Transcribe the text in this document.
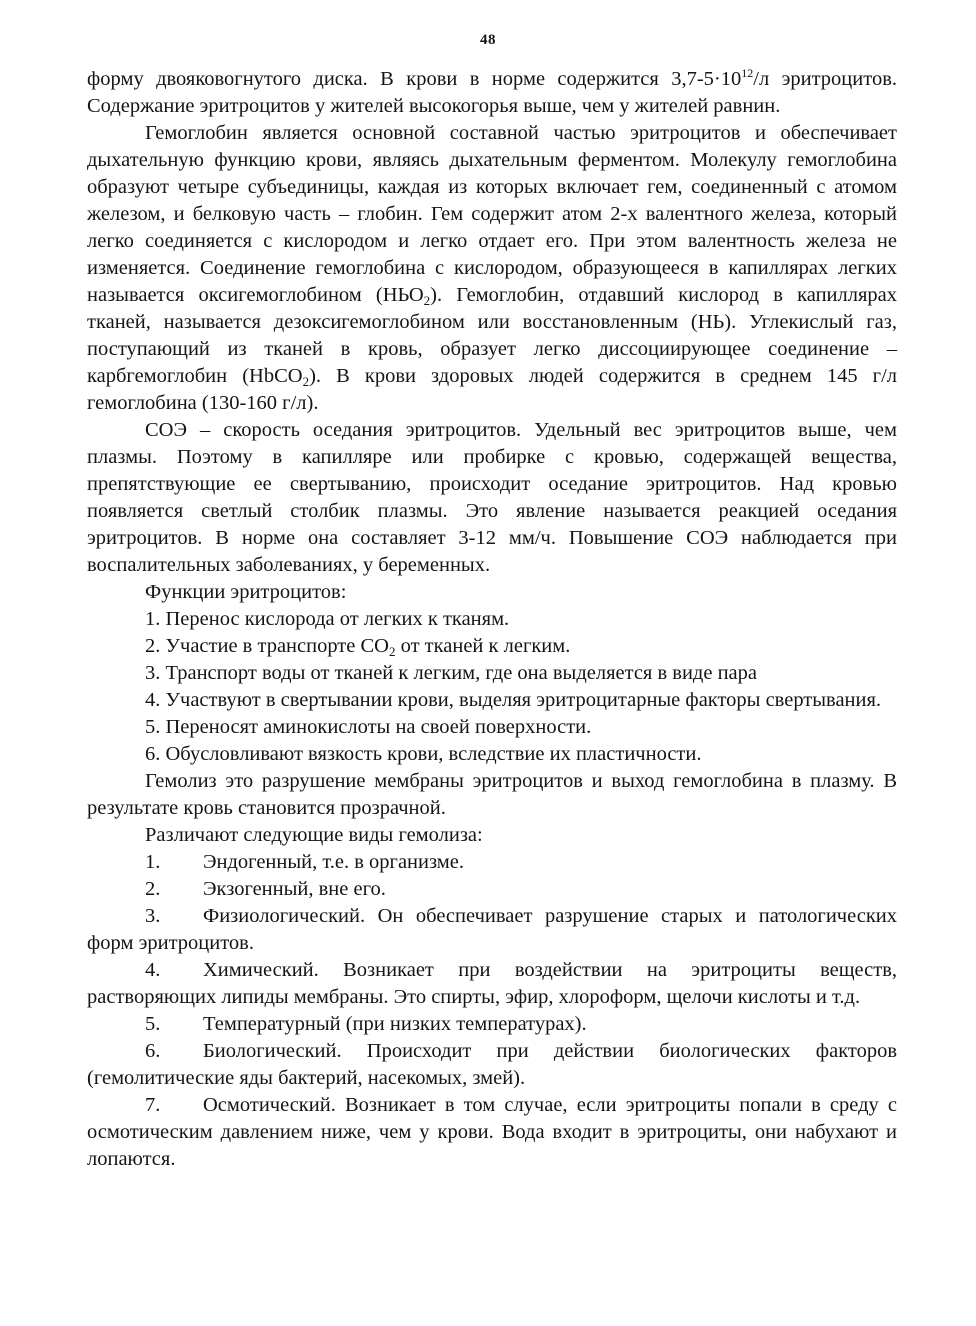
48

форму двояковогнутого диска. В крови в норме содержится $3,7-5\cdot 10^{12}/л$ эритроцитов. Содержание эритроцитов у жителей высокогорья выше, чем у жителей равнин.

Гемоглобин является основной составной частью эритроцитов и обеспечивает дыхательную функцию крови, являясь дыхательным ферментом. Молекулу гемоглобина образуют четыре субъединицы, каждая из которых включает гем, соединенный с атомом железом, и белковую часть – глобин. Гем содержит атом 2-х валентного железа, который легко соединяется с кислородом и легко отдает его. При этом валентность железа не изменяется. Соединение гемоглобина с кислородом, образующееся в капиллярах легких называется оксигемоглобином $(НЬО_2)$. Гемоглобин, отдавший кислород в капиллярах тканей, называется дезоксигемоглобином или восстановленным (НЬ). Углекислый газ, поступающий из тканей в кровь, образует легко диссоциирующее соединение – карбгемоглобин (HbCO$_2$). В крови здоровых людей содержится в среднем 145 г/л гемоглобина (130-160 г/л).

СОЭ – скорость оседания эритроцитов. Удельный вес эритроцитов выше, чем плазмы. Поэтому в капилляре или пробирке с кровью, содержащей вещества, препятствующие ее свертыванию, происходит оседание эритроцитов. Над кровью появляется светлый столбик плазмы. Это явление называется реакцией оседания эритроцитов. В норме она составляет 3-12 мм/ч. Повышение СОЭ наблюдается при воспалительных заболеваниях, у беременных.

Функции эритроцитов:

1. Перенос кислорода от легких к тканям.

2. Участие в транспорте $СО_2$ от тканей к легким.

3. Транспорт воды от тканей к легким, где она выделяется в виде пара

4. Участвуют в свертывании крови, выделяя эритроцитарные факторы свертывания.

5. Переносят аминокислоты на своей поверхности.

6. Обусловливают вязкость крови, вследствие их пластичности.

Гемолиз это разрушение мембраны эритроцитов и выход гемоглобина в плазму. В результате кровь становится прозрачной.

Различают следующие виды гемолиза:

1. Эндогенный, т.е. в организме.

2. Экзогенный, вне его.

3. Физиологический. Он обеспечивает разрушение старых и патологических форм эритроцитов.

4. Химический. Возникает при воздействии на эритроциты веществ, растворяющих липиды мембраны. Это спирты, эфир, хлороформ, щелочи кислоты и т.д.

5. Температурный (при низких температурах).

6. Биологический. Происходит при действии биологических факторов (гемолитические яды бактерий, насекомых, змей).

7. Осмотический. Возникает в том случае, если эритроциты попали в среду с осмотическим давлением ниже, чем у крови. Вода входит в эритроциты, они набухают и лопаются.
